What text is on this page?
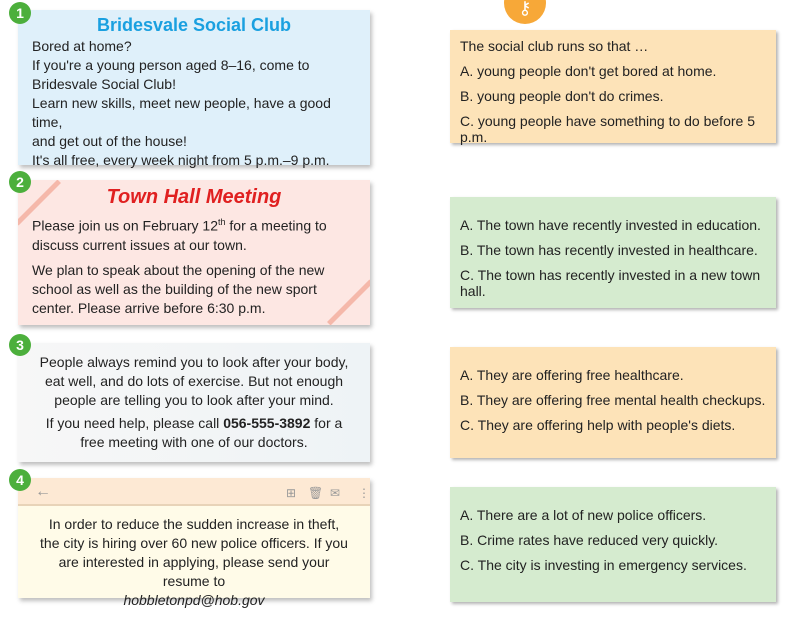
⚷
1
Bridesvale Social Club
Bored at home?
If you're a young person aged 8–16, come to
Bridesvale Social Club!
Learn new skills, meet new people, have a good time,
and get out of the house!
It's all free, every week night from 5 p.m.–9 p.m.
2
Town Hall Meeting

Please join us on February 12th for a meeting to discuss current issues at our town.

We plan to speak about the opening of the new school as well as the building of the new sport center. Please arrive before 6:30 p.m.

3

People always remind you to look after your body, eat well, and do lots of exercise. But not enough people are telling you to look after your mind.

If you need help, please call 056-555-3892 for a free meeting with one of our doctors.

4
←	⊞ 🗑 ✉ ⋮
In order to reduce the sudden increase in theft, the city is hiring over 60 new police officers. If you are interested in applying, please send your resume to
hobbletonpd@hob.gov
The social club runs so that …
A. young people don't get bored at home.
B. young people don't do crimes.
C. young people have something to do before 5 p.m.
A. The town have recently invested in education.
B. The town has recently invested in healthcare.
C. The town has recently invested in a new town hall.
A. They are offering free healthcare.
B. They are offering free mental health checkups.
C. They are offering help with people's diets.
A. There are a lot of new police officers.
B. Crime rates have reduced very quickly.
C. The city is investing in emergency services.
